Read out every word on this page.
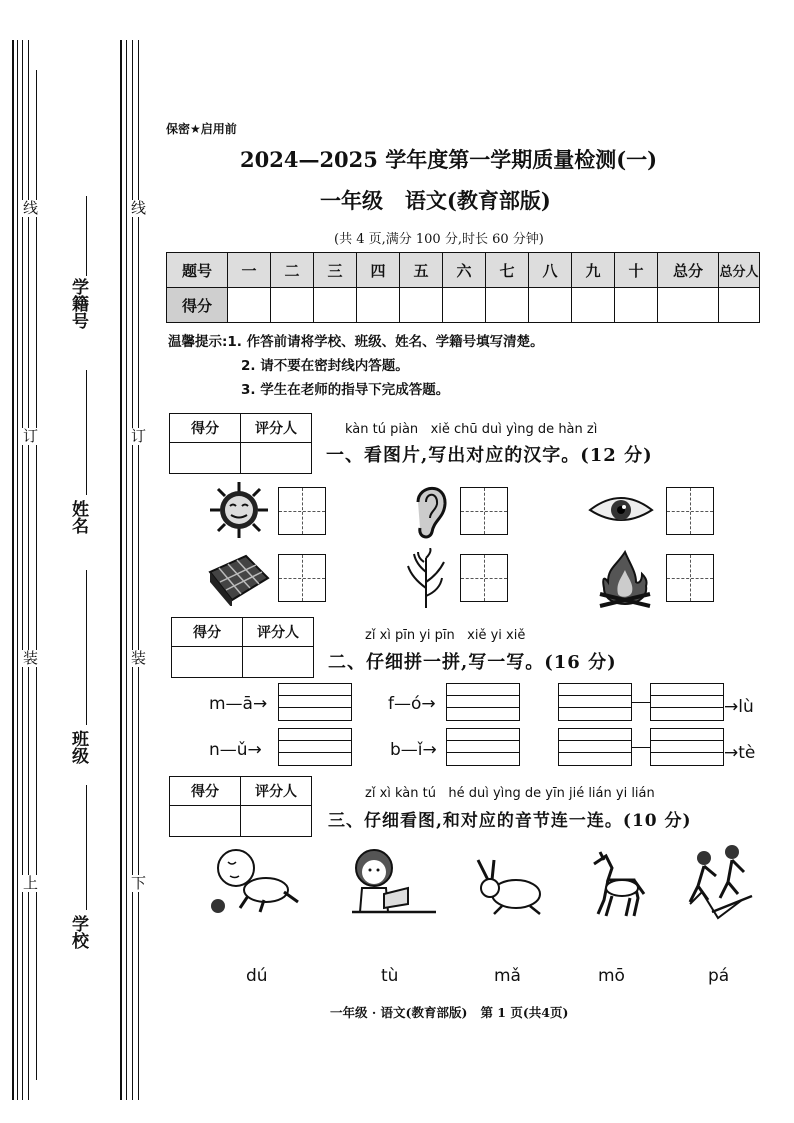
线
订
装
上
线
订
装
下
学籍号
姓名
班级
学校
保密★启用前
2024—2025 学年度第一学期质量检测(一)
一年级   语文(教育部版)
(共 4 页,满分 100 分,时长 60 分钟)
题号	一	二	三	四	五	六	七	八	九	十	总分	总分人
得分												
温馨提示:1. 作答前请将学校、班级、姓名、学籍号填写清楚。
2. 请不要在密封线内答题。
3. 学生在老师的指导下完成答题。
得分	评分人
		kàn tú piàn   xiě chū duì yìng de hàn zì
一、看图片,写出对应的汉字。(12 分)
得分	评分人
		zǐ xì pīn yi pīn   xiě yi xiě
二、仔细拼一拼,写一写。(16 分)
m—ā→	f—ó→	→lù
n—ǔ→	b—ǐ→	→tè
得分	评分人
		zǐ xì kàn tú   hé duì yìng de yīn jié lián yi lián
三、仔细看图,和对应的音节连一连。(10 分)
dú	tù	mǎ	mō	pá
一年级 · 语文(教育部版)   第 1 页(共4页)
